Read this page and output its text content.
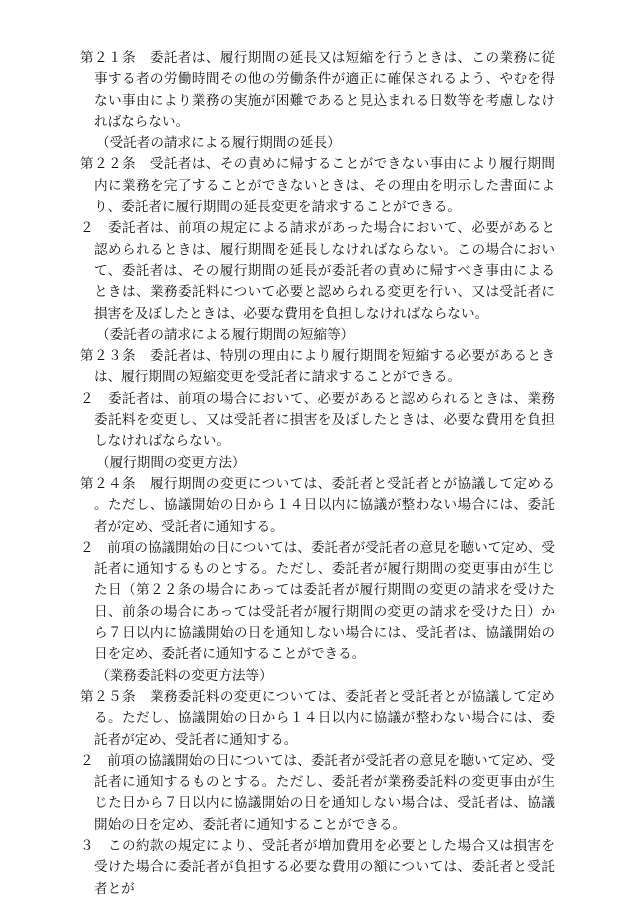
第２１条　委託者は、履行期間の延長又は短縮を行うときは、この業務に従事する者の労働時間その他の労働条件が適正に確保されるよう、やむを得ない事由により業務の実施が困難であると見込まれる日数等を考慮しなければならない。

（受託者の請求による履行期間の延長）

第２２条　受託者は、その責めに帰することができない事由により履行期間内に業務を完了することができないときは、その理由を明示した書面により、委託者に履行期間の延長変更を請求することができる。

２　委託者は、前項の規定による請求があった場合において、必要があると認められるときは、履行期間を延長しなければならない。この場合において、委託者は、その履行期間の延長が委託者の責めに帰すべき事由によるときは、業務委託料について必要と認められる変更を行い、又は受託者に損害を及ぼしたときは、必要な費用を負担しなければならない。

（委託者の請求による履行期間の短縮等）

第２３条　委託者は、特別の理由により履行期間を短縮する必要があるときは、履行期間の短縮変更を受託者に請求することができる。

２　委託者は、前項の場合において、必要があると認められるときは、業務委託料を変更し、又は受託者に損害を及ぼしたときは、必要な費用を負担しなければならない。

（履行期間の変更方法）

第２４条　履行期間の変更については、委託者と受託者とが協議して定める。ただし、協議開始の日から１４日以内に協議が整わない場合には、委託者が定め、受託者に通知する。

２　前項の協議開始の日については、委託者が受託者の意見を聴いて定め、受託者に通知するものとする。ただし、委託者が履行期間の変更事由が生じた日（第２２条の場合にあっては委託者が履行期間の変更の請求を受けた日、前条の場合にあっては受託者が履行期間の変更の請求を受けた日）から７日以内に協議開始の日を通知しない場合には、受託者は、協議開始の日を定め、委託者に通知することができる。

（業務委託料の変更方法等）

第２５条　業務委託料の変更については、委託者と受託者とが協議して定める。ただし、協議開始の日から１４日以内に協議が整わない場合には、委託者が定め、受託者に通知する。

２　前項の協議開始の日については、委託者が受託者の意見を聴いて定め、受託者に通知するものとする。ただし、委託者が業務委託料の変更事由が生じた日から７日以内に協議開始の日を通知しない場合は、受託者は、協議開始の日を定め、委託者に通知することができる。

３　この約款の規定により、受託者が増加費用を必要とした場合又は損害を受けた場合に委託者が負担する必要な費用の額については、委託者と受託者とが
